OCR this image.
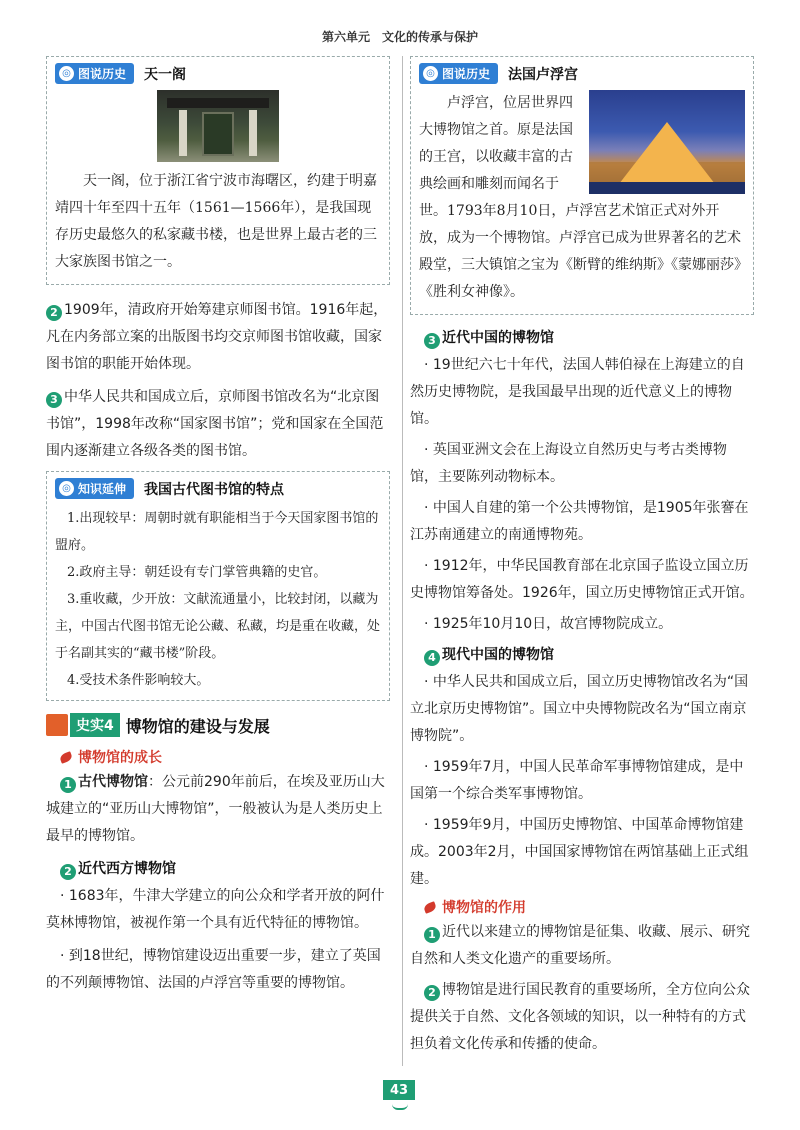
第六单元　文化的传承与保护
◎ 图说历史 天一阁
天一阁，位于浙江省宁波市海曙区，约建于明嘉靖四十年至四十五年（1561—1566年），是我国现存历史最悠久的私家藏书楼，也是世界上最古老的三大家族图书馆之一。
2 1909年，清政府开始筹建京师图书馆。1916年起，凡在内务部立案的出版图书均交京师图书馆收藏，国家图书馆的职能开始体现。
3 中华人民共和国成立后，京师图书馆改名为“北京图书馆”，1998年改称“国家图书馆”；党和国家在全国范围内逐渐建立各级各类的图书馆。
◎ 知识延伸 我国古代图书馆的特点
1.出现较早：周朝时就有职能相当于今天国家图书馆的盟府。
2.政府主导：朝廷设有专门掌管典籍的史官。
3.重收藏，少开放：文献流通量小，比较封闭，以藏为主，中国古代图书馆无论公藏、私藏，均是重在收藏，处于名副其实的“藏书楼”阶段。
4.受技术条件影响较大。
史实4 博物馆的建设与发展
博物馆的成长
1 古代博物馆：公元前290年前后，在埃及亚历山大城建立的“亚历山大博物馆”，一般被认为是人类历史上最早的博物馆。
2 近代西方博物馆
· 1683年，牛津大学建立的向公众和学者开放的阿什莫林博物馆，被视作第一个具有近代特征的博物馆。
· 到18世纪，博物馆建设迈出重要一步，建立了英国的不列颠博物馆、法国的卢浮宫等重要的博物馆。
◎ 图说历史 法国卢浮宫
卢浮宫，位居世界四大博物馆之首。原是法国的王宫，以收藏丰富的古典绘画和雕刻而闻名于世。1793年8月10日，卢浮宫艺术馆正式对外开放，成为一个博物馆。卢浮宫已成为世界著名的艺术殿堂，三大镇馆之宝为《断臂的维纳斯》《蒙娜丽莎》《胜利女神像》。
3 近代中国的博物馆
· 19世纪六七十年代，法国人韩伯禄在上海建立的自然历史博物院，是我国最早出现的近代意义上的博物馆。
· 英国亚洲文会在上海设立自然历史与考古类博物馆，主要陈列动物标本。
· 中国人自建的第一个公共博物馆，是1905年张謇在江苏南通建立的南通博物苑。
· 1912年，中华民国教育部在北京国子监设立国立历史博物馆筹备处。1926年，国立历史博物馆正式开馆。
· 1925年10月10日，故宫博物院成立。
4 现代中国的博物馆
· 中华人民共和国成立后，国立历史博物馆改名为“国立北京历史博物馆”。国立中央博物院改名为“国立南京博物院”。
· 1959年7月，中国人民革命军事博物馆建成，是中国第一个综合类军事博物馆。
· 1959年9月，中国历史博物馆、中国革命博物馆建成。2003年2月，中国国家博物馆在两馆基础上正式组建。
博物馆的作用
1 近代以来建立的博物馆是征集、收藏、展示、研究自然和人类文化遗产的重要场所。
2 博物馆是进行国民教育的重要场所，全方位向公众提供关于自然、文化各领域的知识，以一种特有的方式担负着文化传承和传播的使命。
43
